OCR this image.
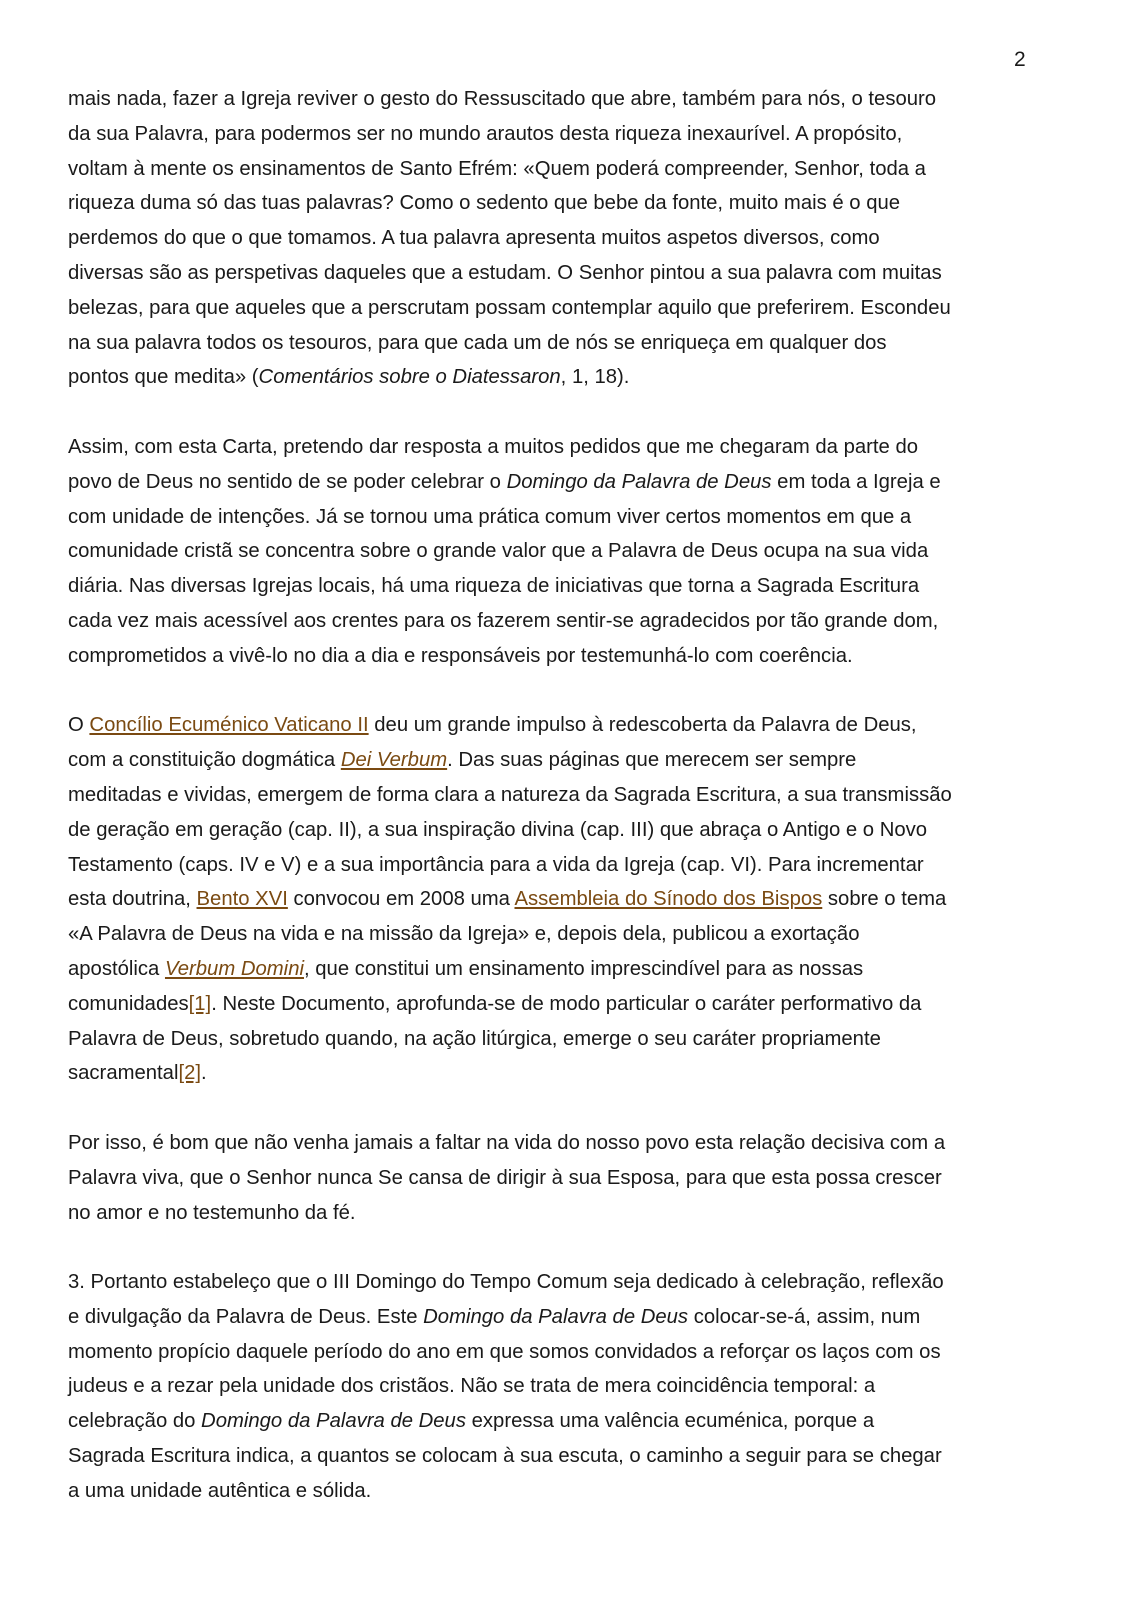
2
mais nada, fazer a Igreja reviver o gesto do Ressuscitado que abre, também para nós, o tesouro
da sua Palavra, para podermos ser no mundo arautos desta riqueza inexaurível. A propósito,
voltam à mente os ensinamentos de Santo Efrém: «Quem poderá compreender, Senhor, toda a
riqueza duma só das tuas palavras? Como o sedento que bebe da fonte, muito mais é o que
perdemos do que o que tomamos. A tua palavra apresenta muitos aspetos diversos, como
diversas são as perspetivas daqueles que a estudam. O Senhor pintou a sua palavra com muitas
belezas, para que aqueles que a perscrutam possam contemplar aquilo que preferirem. Escondeu
na sua palavra todos os tesouros, para que cada um de nós se enriqueça em qualquer dos
pontos que medita» (Comentários sobre o Diatessaron, 1, 18).
Assim, com esta Carta, pretendo dar resposta a muitos pedidos que me chegaram da parte do
povo de Deus no sentido de se poder celebrar o Domingo da Palavra de Deus em toda a Igreja e
com unidade de intenções. Já se tornou uma prática comum viver certos momentos em que a
comunidade cristã se concentra sobre o grande valor que a Palavra de Deus ocupa na sua vida
diária. Nas diversas Igrejas locais, há uma riqueza de iniciativas que torna a Sagrada Escritura
cada vez mais acessível aos crentes para os fazerem sentir-se agradecidos por tão grande dom,
comprometidos a vivê-lo no dia a dia e responsáveis por testemunhá-lo com coerência.
O Concílio Ecuménico Vaticano II deu um grande impulso à redescoberta da Palavra de Deus,
com a constituição dogmática Dei Verbum. Das suas páginas que merecem ser sempre
meditadas e vividas, emergem de forma clara a natureza da Sagrada Escritura, a sua transmissão
de geração em geração (cap. II), a sua inspiração divina (cap. III) que abraça o Antigo e o Novo
Testamento (caps. IV e V) e a sua importância para a vida da Igreja (cap. VI). Para incrementar
esta doutrina, Bento XVI convocou em 2008 uma Assembleia do Sínodo dos Bispos sobre o tema
«A Palavra de Deus na vida e na missão da Igreja» e, depois dela, publicou a exortação
apostólica Verbum Domini, que constitui um ensinamento imprescindível para as nossas
comunidades[1]. Neste Documento, aprofunda-se de modo particular o caráter performativo da
Palavra de Deus, sobretudo quando, na ação litúrgica, emerge o seu caráter propriamente
sacramental[2].
Por isso, é bom que não venha jamais a faltar na vida do nosso povo esta relação decisiva com a
Palavra viva, que o Senhor nunca Se cansa de dirigir à sua Esposa, para que esta possa crescer
no amor e no testemunho da fé.
3. Portanto estabeleço que o III Domingo do Tempo Comum seja dedicado à celebração, reflexão
e divulgação da Palavra de Deus. Este Domingo da Palavra de Deus colocar-se-á, assim, num
momento propício daquele período do ano em que somos convidados a reforçar os laços com os
judeus e a rezar pela unidade dos cristãos. Não se trata de mera coincidência temporal: a
celebração do Domingo da Palavra de Deus expressa uma valência ecuménica, porque a
Sagrada Escritura indica, a quantos se colocam à sua escuta, o caminho a seguir para se chegar
a uma unidade autêntica e sólida.
